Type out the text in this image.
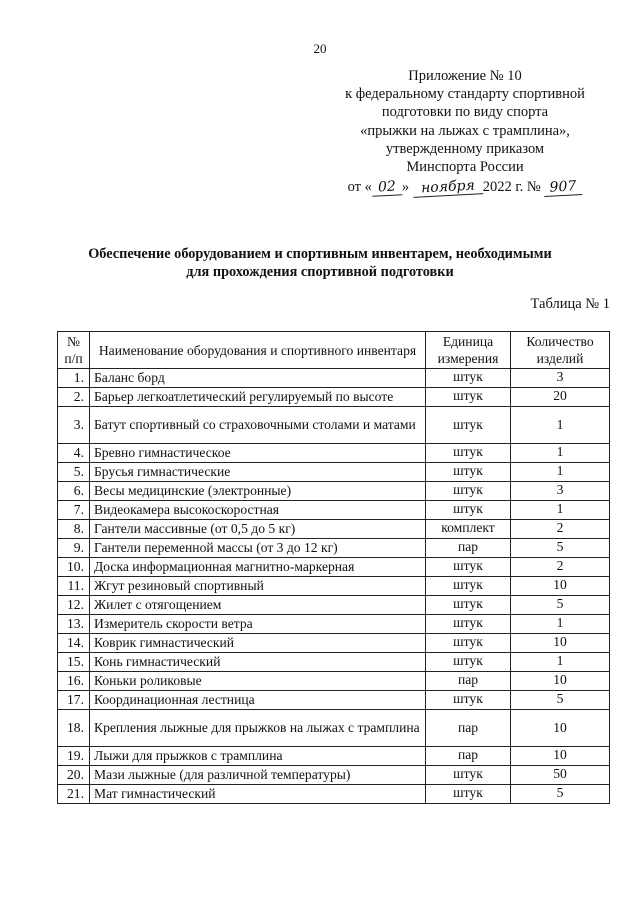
20
Приложение № 10
к федеральному стандарту спортивной
подготовки по виду спорта
«прыжки на лыжах с трамплина»,
утвержденному приказом
Минспорта России
от « 02 » ноября 2022 г. № 907
Обеспечение оборудованием и спортивным инвентарем, необходимыми
для прохождения спортивной подготовки
Таблица № 1
№
п/п	Наименование оборудования и спортивного инвентаря	Единица измерения	Количество изделий
1.	Баланс борд	штук	3
2.	Барьер легкоатлетический регулируемый по высоте	штук	20
3.	Батут спортивный со страховочными столами и матами	штук	1
4.	Бревно гимнастическое	штук	1
5.	Брусья гимнастические	штук	1
6.	Весы медицинские (электронные)	штук	3
7.	Видеокамера высокоскоростная	штук	1
8.	Гантели массивные (от 0,5 до 5 кг)	комплект	2
9.	Гантели переменной массы (от 3 до 12 кг)	пар	5
10.	Доска информационная магнитно-маркерная	штук	2
11.	Жгут резиновый спортивный	штук	10
12.	Жилет с отягощением	штук	5
13.	Измеритель скорости ветра	штук	1
14.	Коврик гимнастический	штук	10
15.	Конь гимнастический	штук	1
16.	Коньки роликовые	пар	10
17.	Координационная лестница	штук	5
18.	Крепления лыжные для прыжков на лыжах с трамплина	пар	10
19.	Лыжи для прыжков с трамплина	пар	10
20.	Мази лыжные (для различной температуры)	штук	50
21.	Мат гимнастический	штук	5
